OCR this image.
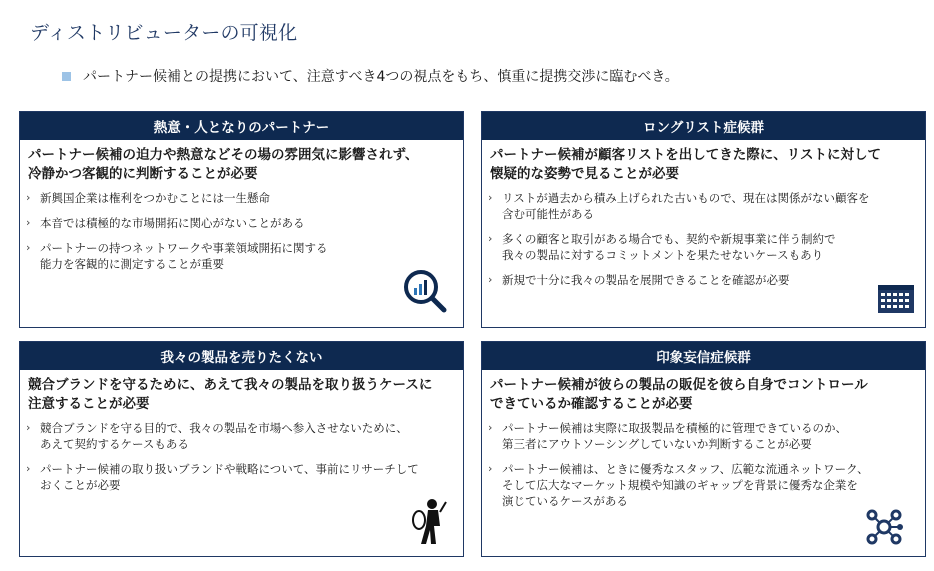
ディストリビューターの可視化
パートナー候補との提携において、注意すべき4つの視点をもち、慎重に提携交渉に臨むべき。
熱意・人となりのパートナー
パートナー候補の迫力や熱意などその場の雰囲気に影響されず、
冷静かつ客観的に判断することが必要
› 新興国企業は権利をつかむことには一生懸命
› 本音では積極的な市場開拓に関心がないことがある
› パートナーの持つネットワークや事業領域開拓に関する
能力を客観的に測定することが重要
ロングリスト症候群
パートナー候補が顧客リストを出してきた際に、リストに対して
懐疑的な姿勢で見ることが必要
› リストが過去から積み上げられた古いもので、現在は関係がない顧客を
含む可能性がある
› 多くの顧客と取引がある場合でも、契約や新規事業に伴う制約で
我々の製品に対するコミットメントを果たせないケースもあり
› 新規で十分に我々の製品を展開できることを確認が必要
我々の製品を売りたくない
競合ブランドを守るために、あえて我々の製品を取り扱うケースに
注意することが必要
› 競合ブランドを守る目的で、我々の製品を市場へ参入させないために、
あえて契約するケースもある
› パートナー候補の取り扱いブランドや戦略について、事前にリサーチして
おくことが必要
印象妄信症候群
パートナー候補が彼らの製品の販促を彼ら自身でコントロール
できているか確認することが必要
› パートナー候補は実際に取扱製品を積極的に管理できているのか、
第三者にアウトソーシングしていないか判断することが必要
› パートナー候補は、ときに優秀なスタッフ、広範な流通ネットワーク、
そして広大なマーケット規模や知識のギャップを背景に優秀な企業を
演じているケースがある
